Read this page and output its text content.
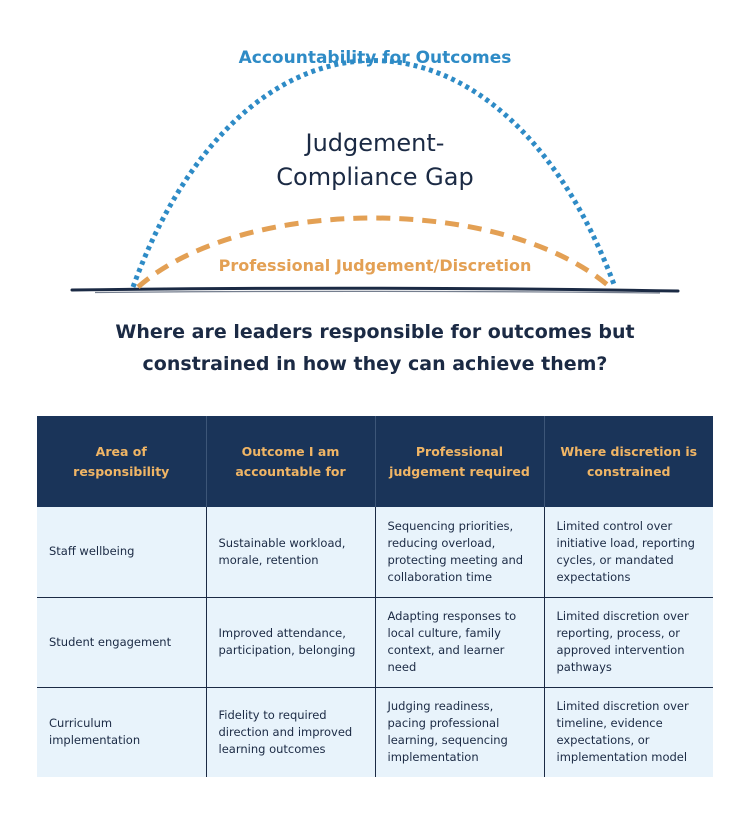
Accountability for Outcomes
Judgement-
Compliance Gap
Professional Judgement/Discretion
Where are leaders responsible for outcomes but
constrained in how they can achieve them?
Area of responsibility	Outcome I am accountable for	Professional judgement required	Where discretion is constrained
Staff wellbeing	Sustainable workload, morale, retention	Sequencing priorities, reducing overload, protecting meeting and collaboration time	Limited control over initiative load, reporting cycles, or mandated expectations
Student engagement	Improved attendance, participation, belonging	Adapting responses to local culture, family context, and learner need	Limited discretion over reporting, process, or approved intervention pathways
Curriculum implementation	Fidelity to required direction and improved learning outcomes	Judging readiness, pacing professional learning, sequencing implementation	Limited discretion over timeline, evidence expectations, or implementation model
